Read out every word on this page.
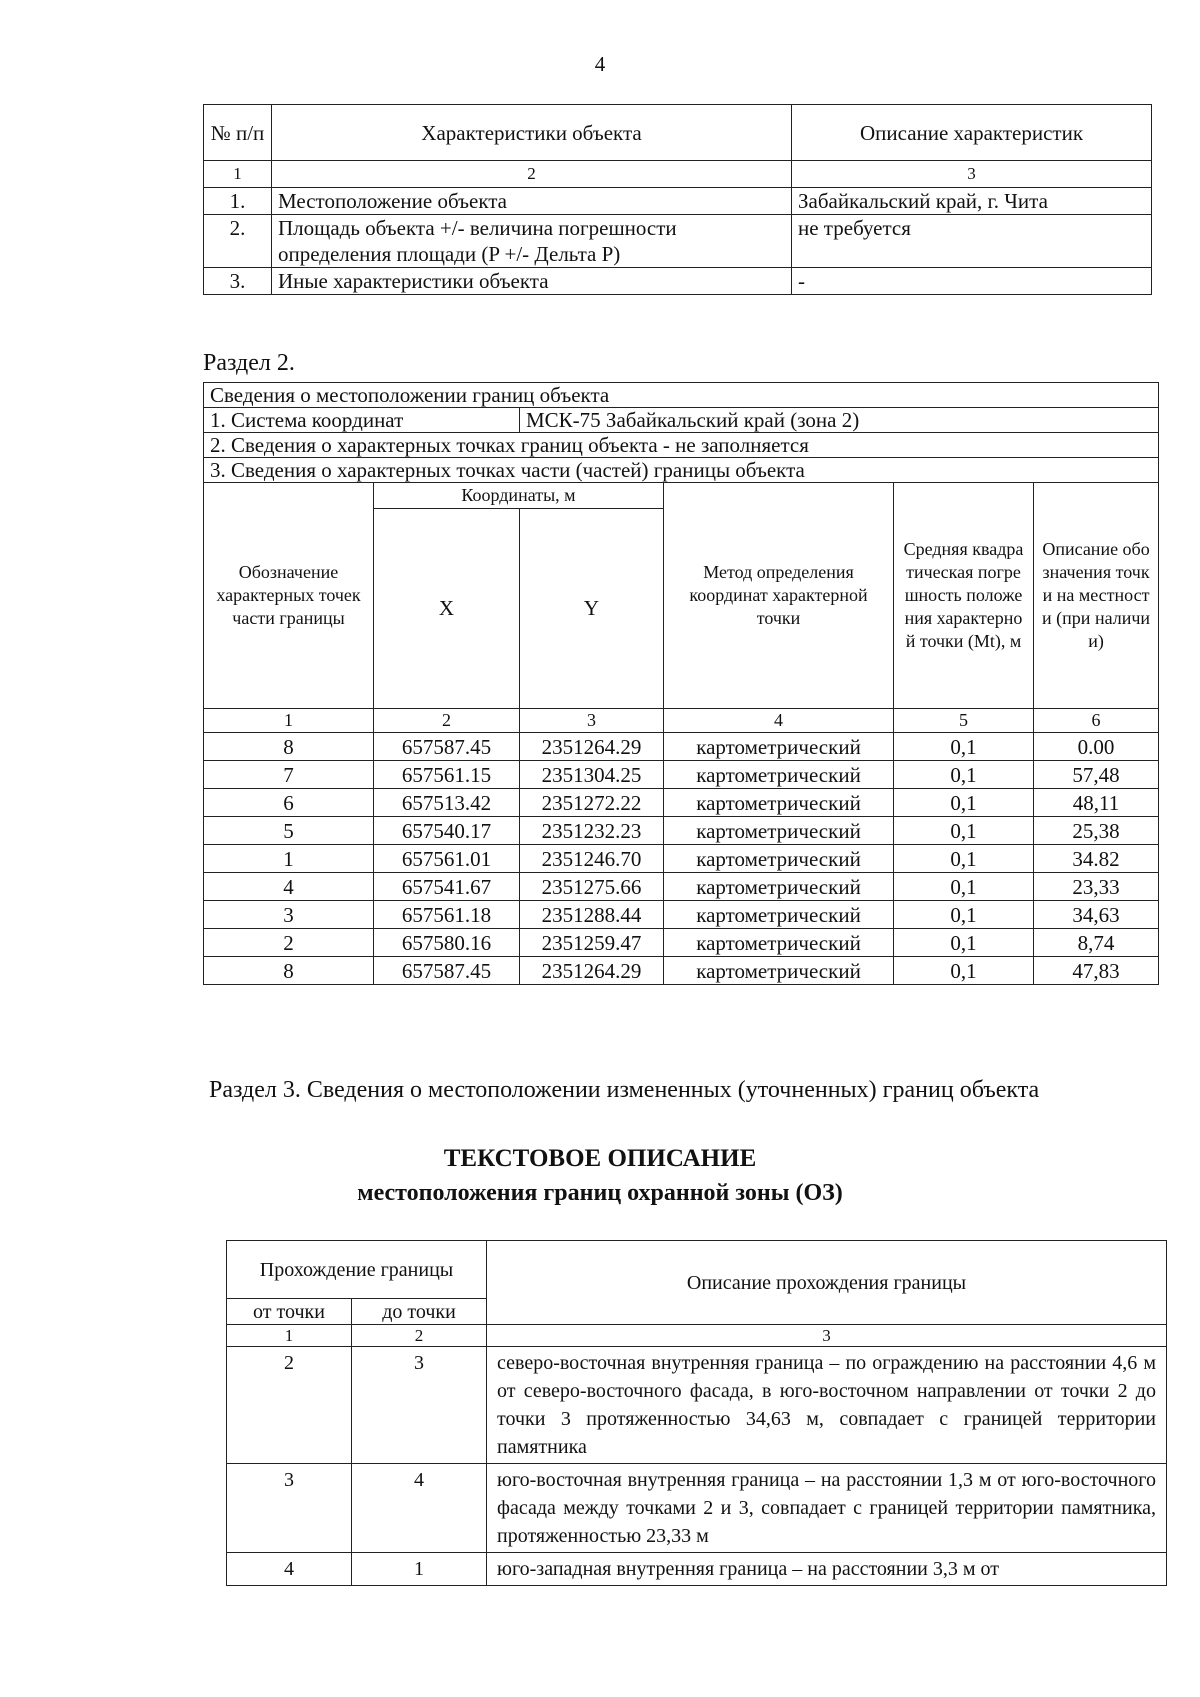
4
№ п/п	Характеристики объекта	Описание характеристик
1	2	3
1.	Местоположение объекта	Забайкальский край, г. Чита
2.	Площадь объекта +/- величина погрешности определения площади (P +/- Дельта P)	не требуется
3.	Иные характеристики объекта	-
Раздел 2.
Сведения о местоположении границ объекта					
1. Система координат		МСК-75 Забайкальский край (зона 2)			
2. Сведения о характерных точках границ объекта - не заполняется					
3. Сведения о характерных точках части (частей) границы объекта					
Обозначение характерных точек части границы	Координаты, м		Метод определения координат характерной точки	Средняя квадратичеcкая погрешность положения характерной точки (Mt), м	Описание обозначения точки на местности (при наличии)
	X	Y			
1	2	3	4	5	6
8	657587.45	2351264.29	картометрический	0,1	0.00
7	657561.15	2351304.25	картометрический	0,1	57,48
6	657513.42	2351272.22	картометрический	0,1	48,11
5	657540.17	2351232.23	картометрический	0,1	25,38
1	657561.01	2351246.70	картометрический	0,1	34.82
4	657541.67	2351275.66	картометрический	0,1	23,33
3	657561.18	2351288.44	картометрический	0,1	34,63
2	657580.16	2351259.47	картометрический	0,1	8,74
8	657587.45	2351264.29	картометрический	0,1	47,83
Раздел 3. Сведения о местоположении измененных (уточненных) границ объекта
ТЕКСТОВОЕ ОПИСАНИЕ
местоположения границ охранной зоны (ОЗ)
Прохождение границы		Описание прохождения границы
от точки	до точки	
1	2	3
2	3	северо-восточная внутренняя граница – по ограждению на расстоянии 4,6 м от северо-восточного фасада, в юго-восточном направлении от точки 2 до точки 3 протяженностью 34,63 м, совпадает с границей территории памятника
3	4	юго-восточная внутренняя граница – на расстоянии 1,3 м от юго-восточного фасада между точками 2 и 3, совпадает с границей территории памятника, протяженностью 23,33 м
4	1	юго-западная внутренняя граница – на расстоянии 3,3 м от
